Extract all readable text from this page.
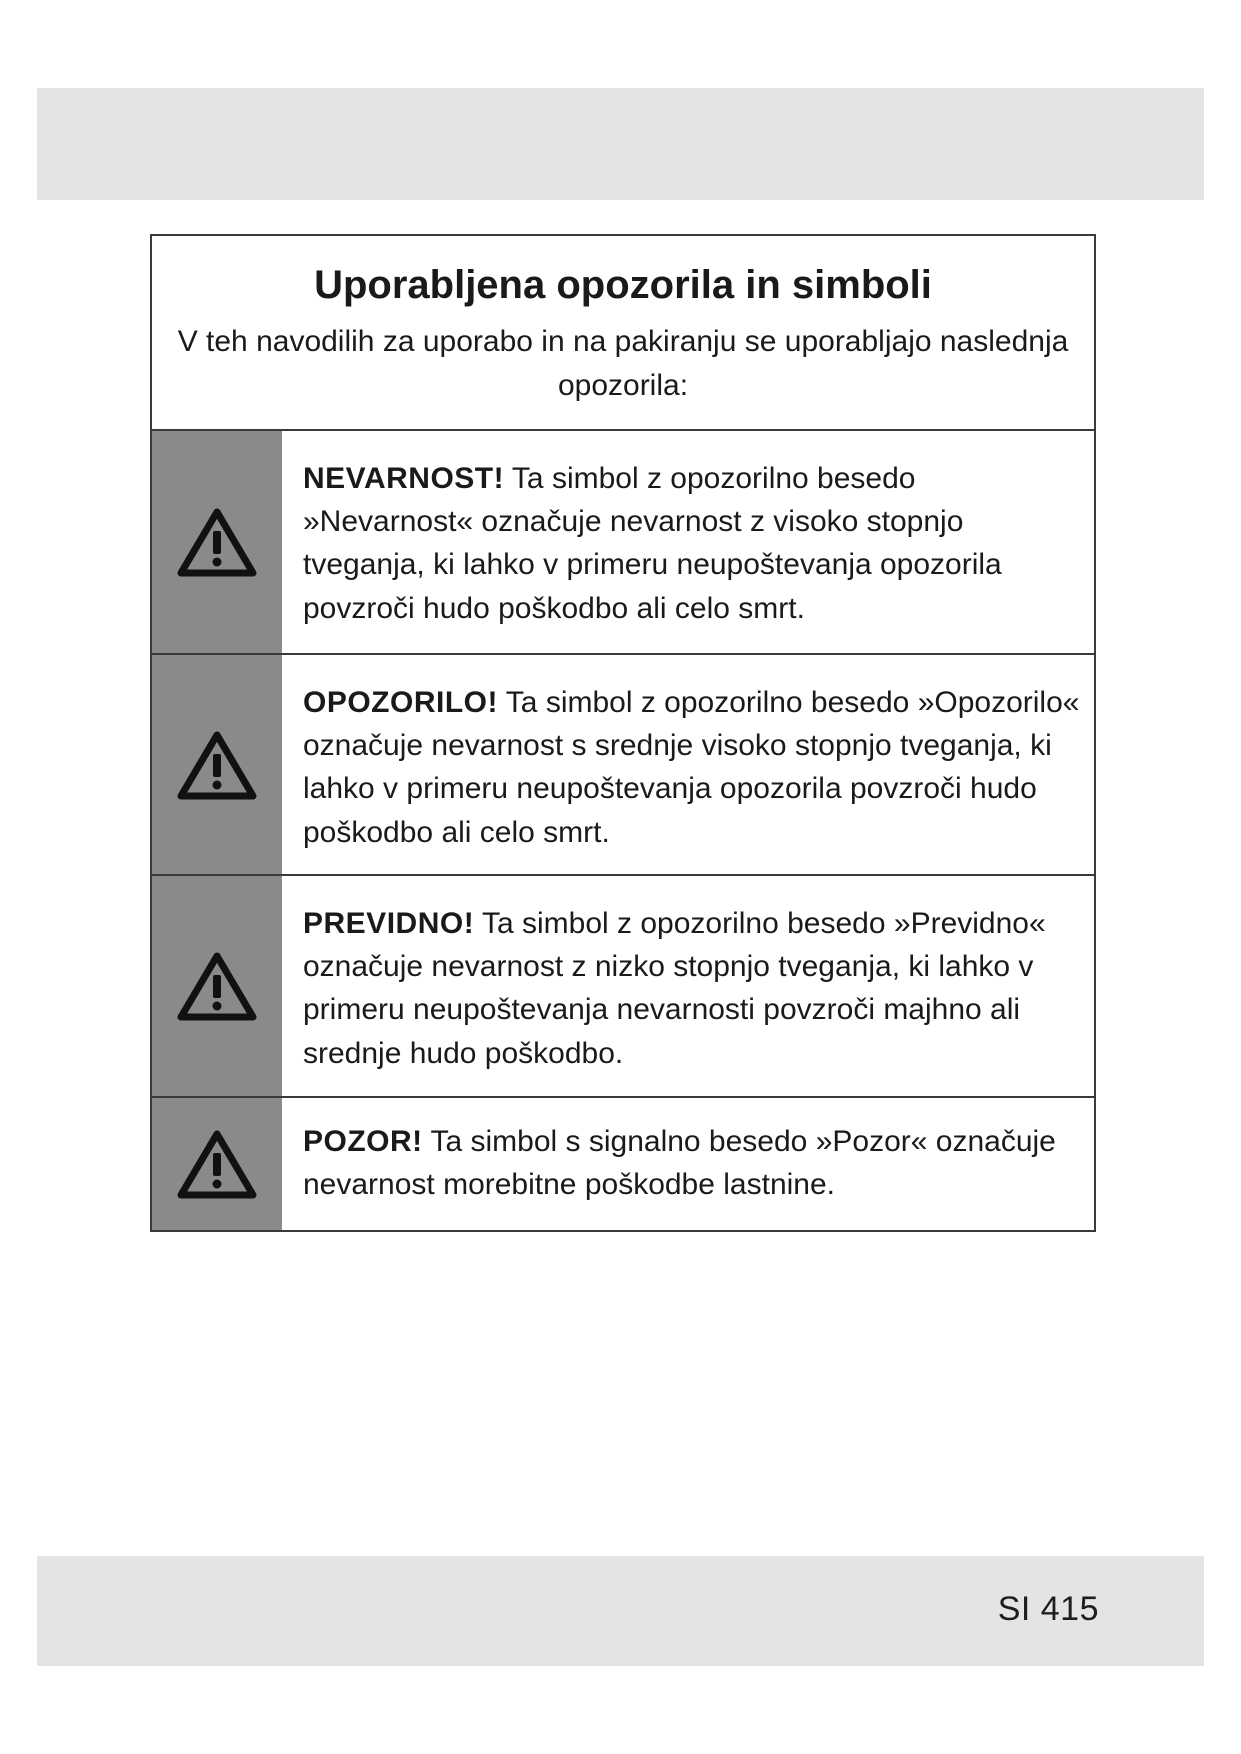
Uporabljena opozorila in simboli

V teh navodilih za uporabo in na pakiranju se uporabljajo naslednja opozorila:

NEVARNOST! Ta simbol z opozorilno besedo »Nevarnost« označuje nevarnost z visoko stopnjo tveganja, ki lahko v primeru neupoštevanja opozorila povzroči hudo poškodbo ali celo smrt.
OPOZORILO! Ta simbol z opozorilno besedo »Opozorilo« označuje nevarnost s srednje visoko stopnjo tveganja, ki lahko v primeru neupoštevanja opozorila povzroči hudo poškodbo ali celo smrt.
PREVIDNO! Ta simbol z opozorilno besedo »Previdno« označuje nevarnost z nizko stopnjo tveganja, ki lahko v primeru neupoštevanja nevarnosti povzroči majhno ali srednje hudo poškodbo.
POZOR! Ta simbol s signalno besedo »Pozor« označuje nevarnost morebitne poškodbe lastnine.
SI 415
